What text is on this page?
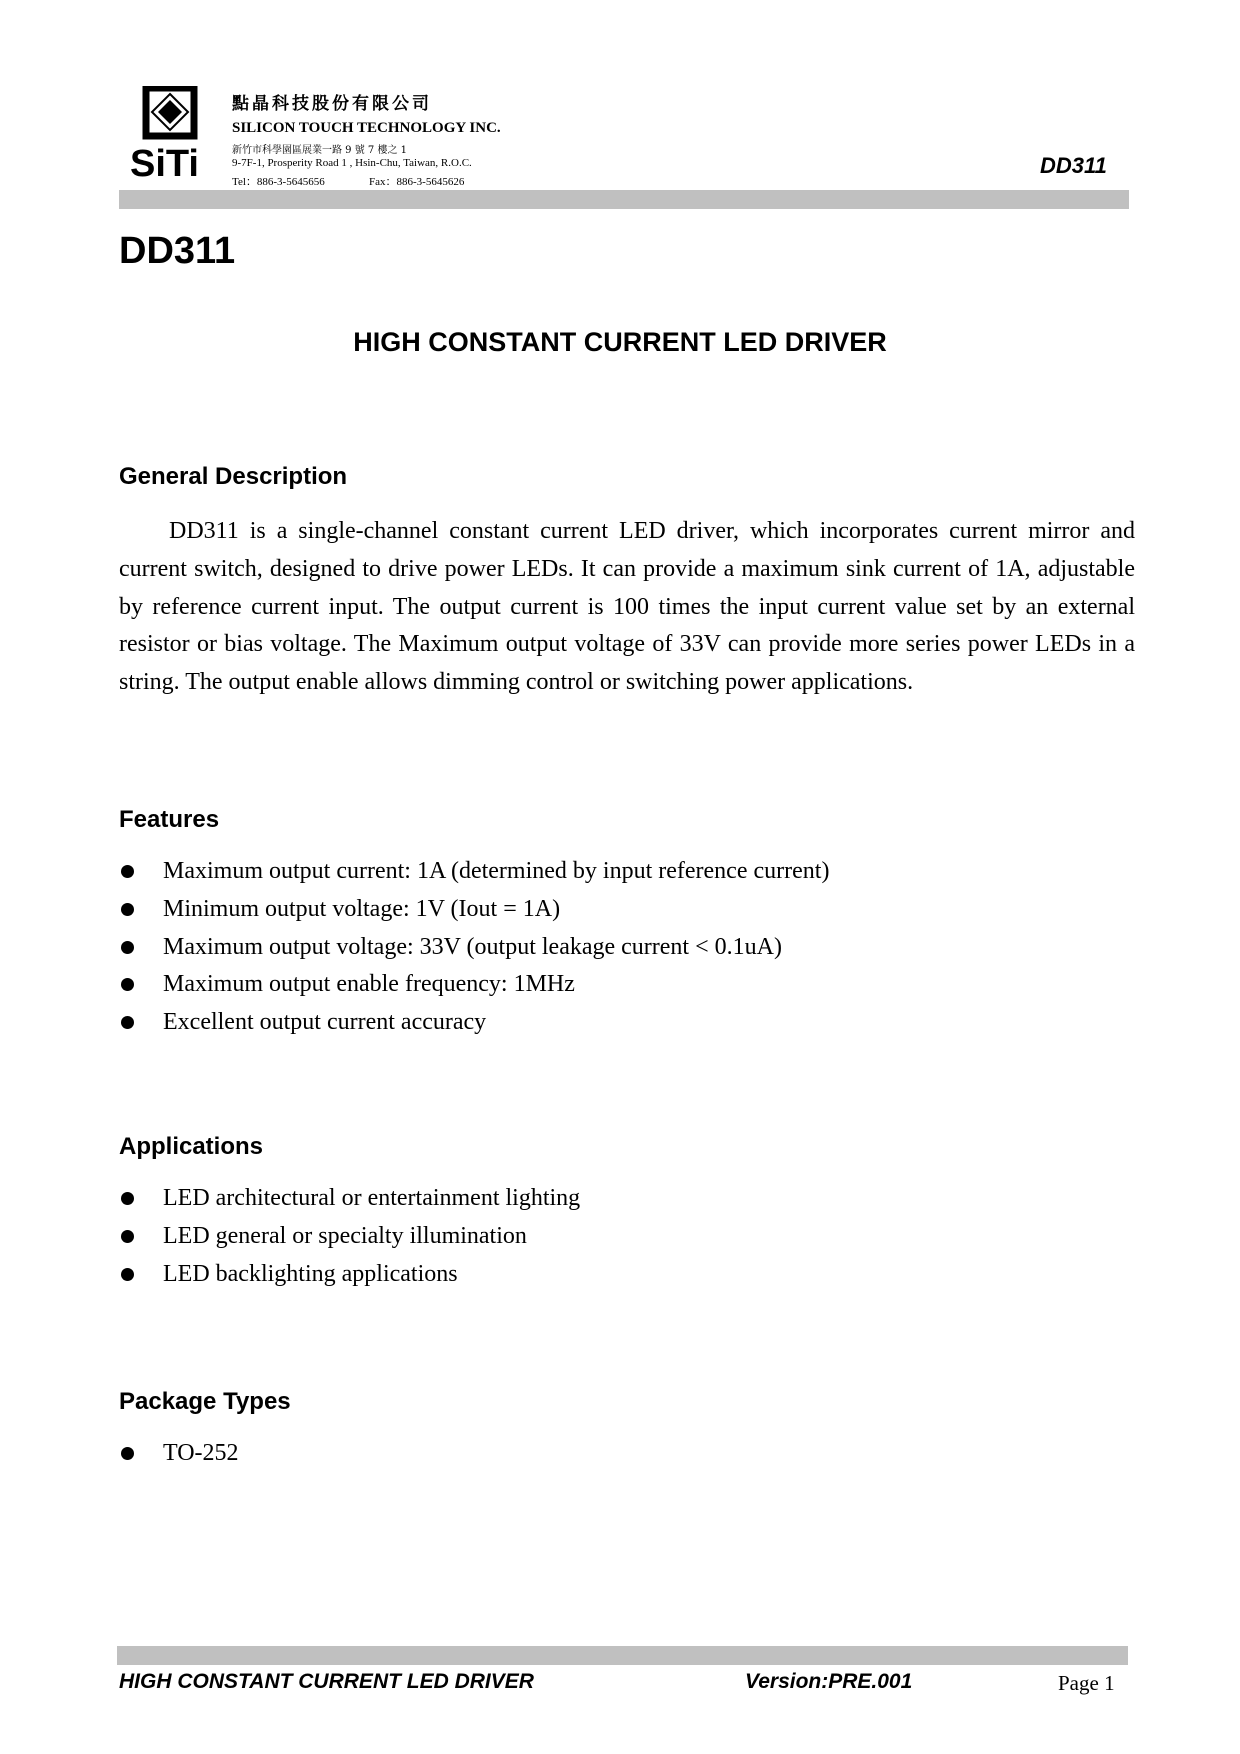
SiTi
點晶科技股份有限公司
SILICON TOUCH TECHNOLOGY INC.
新竹市科學園區展業一路 9 號 7 樓之 1
9-7F-1, Prosperity Road 1 , Hsin-Chu, Taiwan, R.O.C.
Tel：886-3-5645656	Fax：886-3-5645626
DD311
DD311
HIGH CONSTANT CURRENT LED DRIVER
General Description

DD311 is a single-channel constant current LED driver, which incorporates current mirror and current switch, designed to drive power LEDs. It can provide a maximum sink current of 1A, adjustable by reference current input. The output current is 100 times the input current value set by an external resistor or bias voltage. The Maximum output voltage of 33V can provide more series power LEDs in a string. The output enable allows dimming control or switching power applications.

Features
Maximum output current: 1A (determined by input reference current)
Minimum output voltage: 1V (Iout = 1A)
Maximum output voltage: 33V (output leakage current < 0.1uA)
Maximum output enable frequency: 1MHz
Excellent output current accuracy
Applications
LED architectural or entertainment lighting
LED general or specialty illumination
LED backlighting applications
Package Types
TO-252
HIGH CONSTANT CURRENT LED DRIVER	Version:PRE.001	Page 1
